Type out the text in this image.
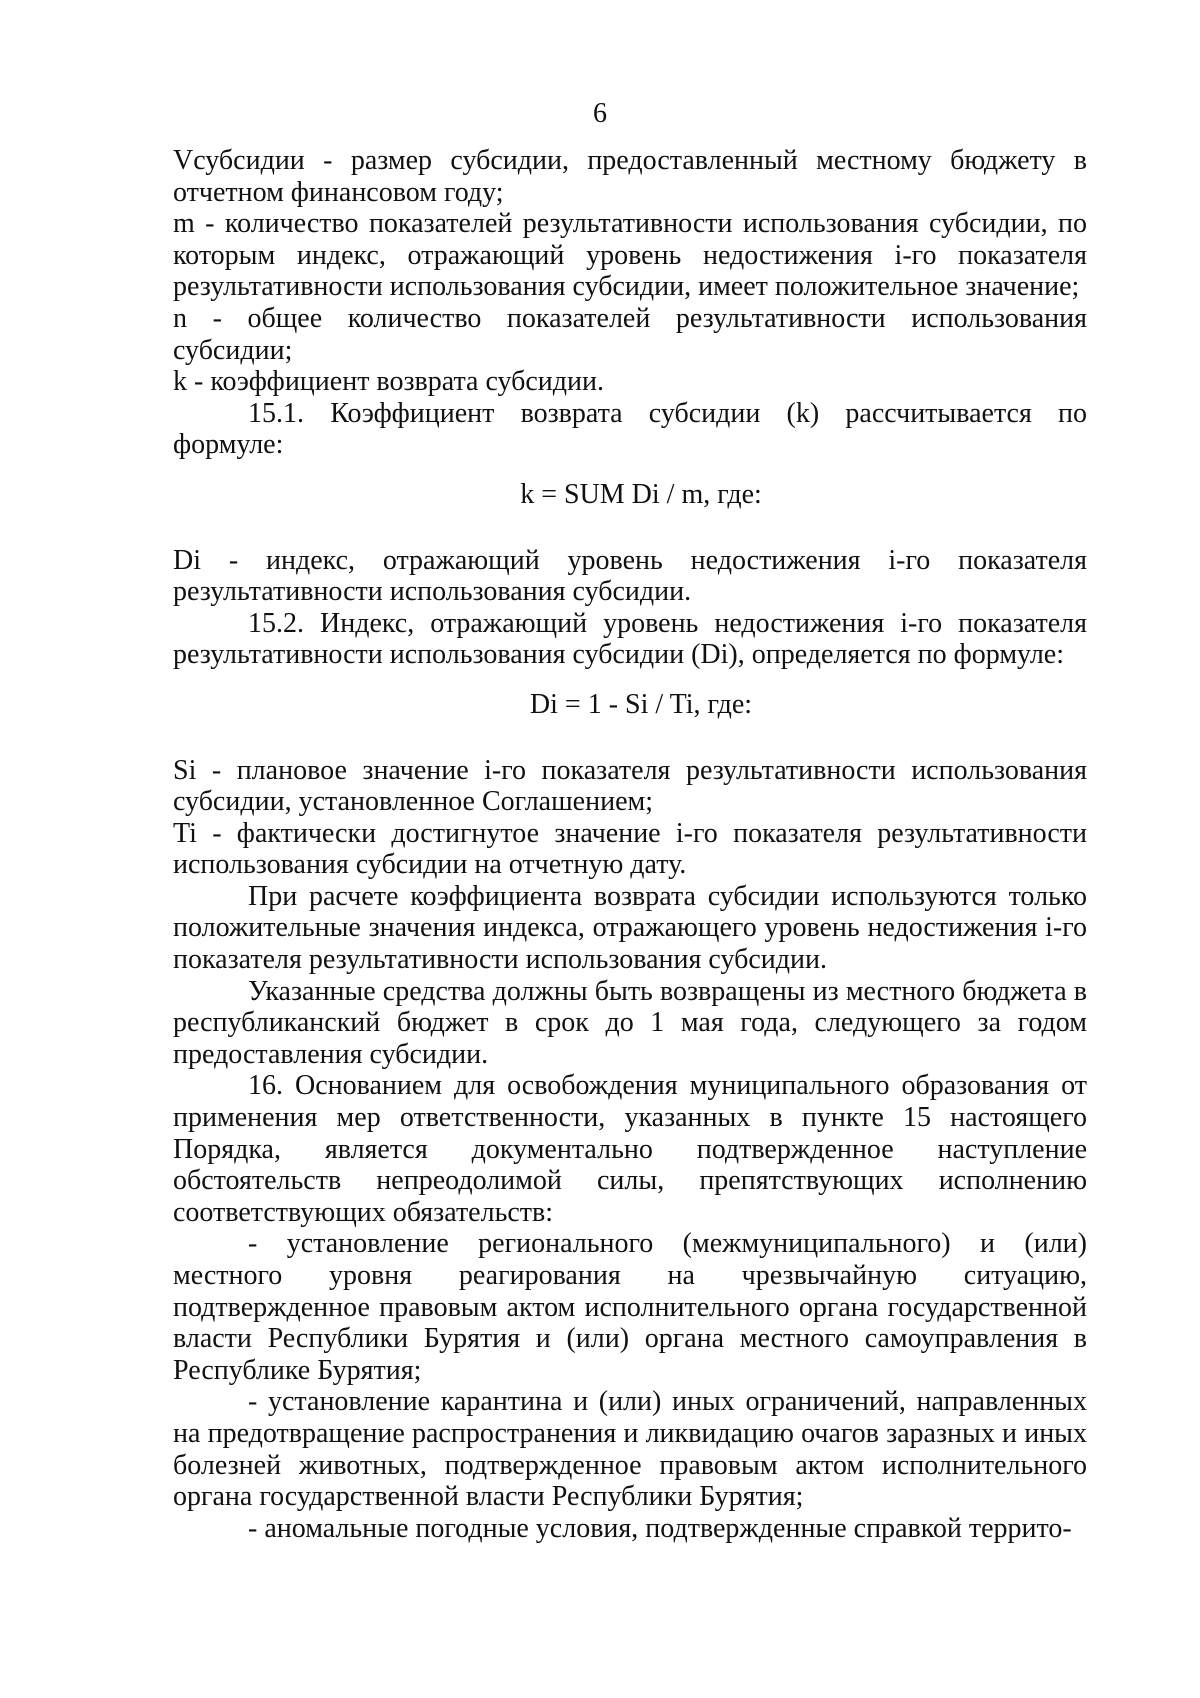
6

Vсубсидии - размер субсидии, предоставленный местному бюджету в отчетном финансовом году;

m - количество показателей результативности использования субсидии, по которым индекс, отражающий уровень недостижения i-го показателя результативности использования субсидии, имеет положительное значение;

n - общее количество показателей результативности использования субсидии;

k - коэффициент возврата субсидии.

15.1. Коэффициент возврата субсидии (k) рассчитывается по формуле:

k = SUM Di / m, где:

Di - индекс, отражающий уровень недостижения i-го показателя результативности использования субсидии.

15.2. Индекс, отражающий уровень недостижения i-го показателя результативности использования субсидии (Di), определяется по формуле:

Di = 1 - Si / Ti, где:

Si - плановое значение i-го показателя результативности использования субсидии, установленное Соглашением;

Ti - фактически достигнутое значение i-го показателя результативности использования субсидии на отчетную дату.

При расчете коэффициента возврата субсидии используются только положительные значения индекса, отражающего уровень недостижения i-го показателя результативности использования субсидии.

Указанные средства должны быть возвращены из местного бюджета в республиканский бюджет в срок до 1 мая года, следующего за годом предоставления субсидии.

16. Основанием для освобождения муниципального образования от применения мер ответственности, указанных в пункте 15 настоящего Порядка, является документально подтвержденное наступление обстоятельств непреодолимой силы, препятствующих исполнению соответствующих обязательств:

- установление регионального (межмуниципального) и (или) местного уровня реагирования на чрезвычайную ситуацию, подтвержденное правовым актом исполнительного органа государственной власти Республики Бурятия и (или) органа местного самоуправления в Республике Бурятия;

- установление карантина и (или) иных ограничений, направленных на предотвращение распространения и ликвидацию очагов заразных и иных болезней животных, подтвержденное правовым актом исполнительного органа государственной власти Республики Бурятия;

- аномальные погодные условия, подтвержденные справкой террито-
